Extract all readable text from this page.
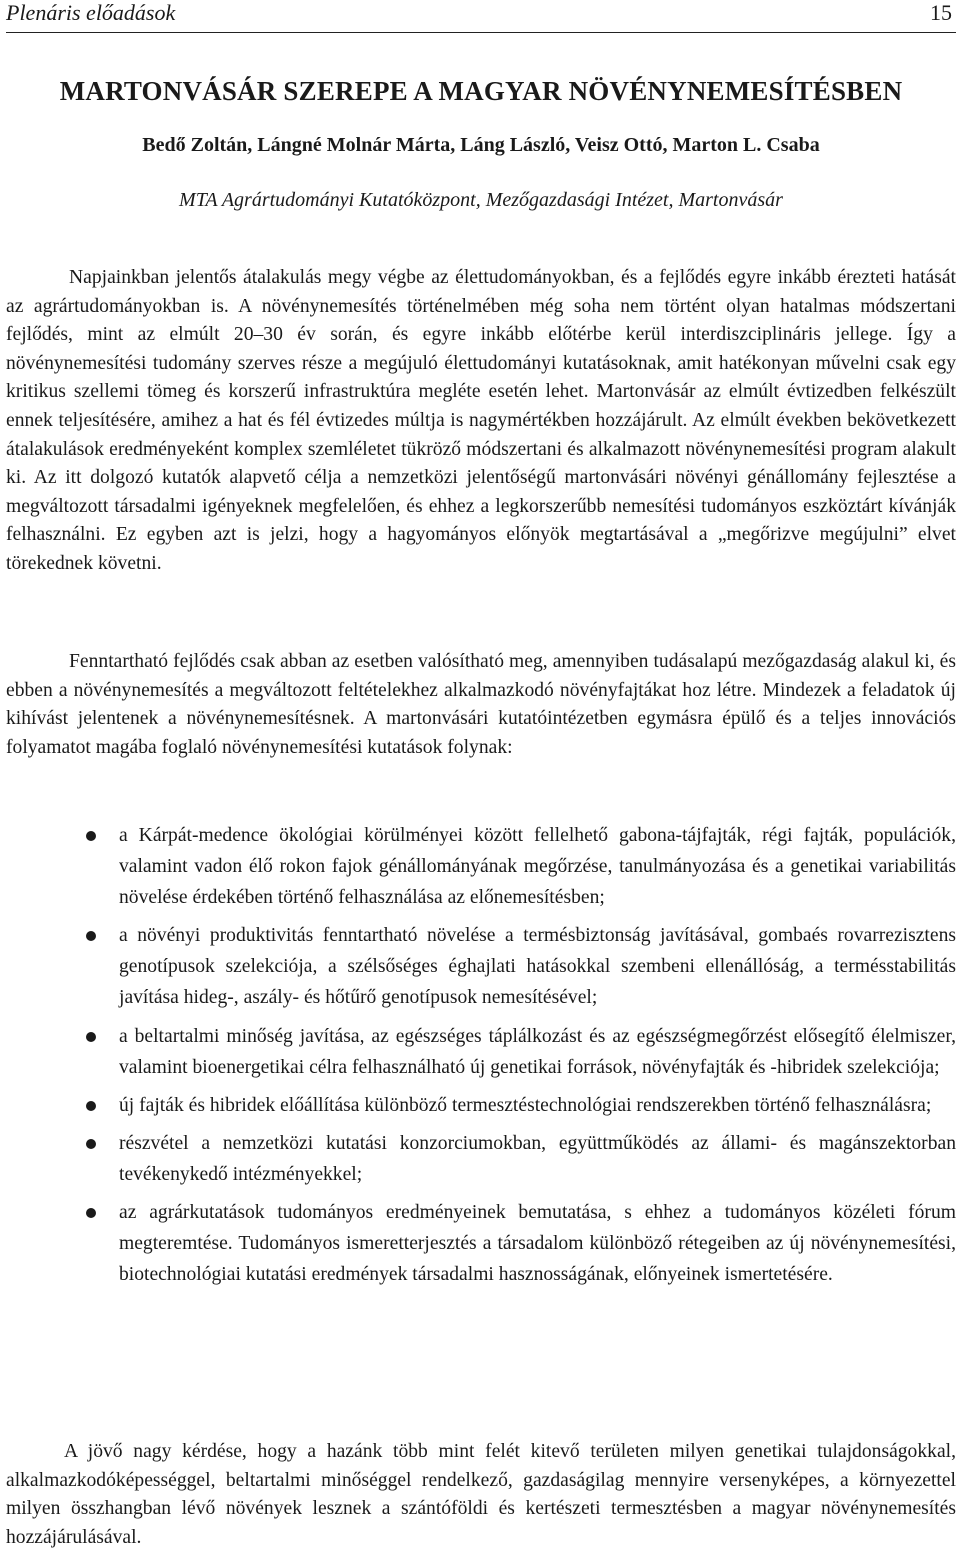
Plenáris előadások	15
MARTONVÁSÁR SZEREPE A MAGYAR NÖVÉNYNEMESÍTÉSBEN
Bedő Zoltán, Lángné Molnár Márta, Láng László, Veisz Ottó, Marton L. Csaba
MTA Agrártudományi Kutatóközpont, Mezőgazdasági Intézet, Martonvásár

Napjainkban jelentős átalakulás megy végbe az élettudományokban, és a fejlődés egyre inkább érezteti hatását az agrártudományokban is. A növénynemesítés történelmében még soha nem történt olyan hatalmas módszertani fejlődés, mint az elmúlt 20–30 év során, és egyre inkább előtérbe kerül interdiszciplináris jellege. Így a növénynemesítési tudomány szerves része a megújuló élettudományi kutatásoknak, amit hatékonyan művelni csak egy kritikus szellemi tömeg és korszerű infrastruktúra megléte esetén lehet. Martonvásár az elmúlt évtizedben felkészült ennek teljesítésére, amihez a hat és fél évtizedes múltja is nagymértékben hozzájárult. Az elmúlt években bekövetkezett átalakulások eredményeként komplex szemléletet tükröző módszertani és alkalmazott növénynemesítési program alakult ki. Az itt dolgozó kutatók alapvető célja a nemzetközi jelentőségű martonvásári növényi génállomány fejlesztése a megváltozott társadalmi igényeknek megfelelően, és ehhez a legkorszerűbb nemesítési tudományos eszköztárt kívánják felhasználni. Ez egyben azt is jelzi, hogy a hagyományos előnyök megtartásával a „megőrizve megújulni” elvet törekednek követni.

Fenntartható fejlődés csak abban az esetben valósítható meg, amennyiben tudásalapú mezőgazdaság alakul ki, és ebben a növénynemesítés a megváltozott feltételekhez alkalmazkodó növényfajtákat hoz létre. Mindezek a feladatok új kihívást jelentenek a növénynemesítésnek. A martonvásári kutatóintézetben egymásra épülő és a teljes innovációs folyamatot magába foglaló növénynemesítési kutatások folynak:

a Kárpát-medence ökológiai körülményei között fellelhető gabona-tájfajták, régi fajták, populációk, valamint vadon élő rokon fajok génállományának megőrzése, tanulmányozása és a genetikai variabilitás növelése érdekében történő felhasználása az előnemesítésben;
a növényi produktivitás fenntartható növelése a termésbiztonság javításával, gombaés rovarrezisztens genotípusok szelekciója, a szélsőséges éghajlati hatásokkal szembeni ellenállóság, a termésstabilitás javítása hideg-, aszály- és hőtűrő genotípusok nemesítésével;
a beltartalmi minőség javítása, az egészséges táplálkozást és az egészségmegőrzést elősegítő élelmiszer, valamint bioenergetikai célra felhasználható új genetikai források, növényfajták és -hibridek szelekciója;
új fajták és hibridek előállítása különböző termesztéstechnológiai rendszerekben történő felhasználásra;
részvétel a nemzetközi kutatási konzorciumokban, együttműködés az állami- és magánszektorban tevékenykedő intézményekkel;
az agrárkutatások tudományos eredményeinek bemutatása, s ehhez a tudományos közéleti fórum megteremtése. Tudományos ismeretterjesztés a társadalom különböző rétegeiben az új növénynemesítési, biotechnológiai kutatási eredmények társadalmi hasznosságának, előnyeinek ismertetésére.

A jövő nagy kérdése, hogy a hazánk több mint felét kitevő területen milyen genetikai tulajdonságokkal, alkalmazkodóképességgel, beltartalmi minőséggel rendelkező, gazdaságilag mennyire versenyképes, a környezettel milyen összhangban lévő növények lesznek a szántóföldi és kertészeti termesztésben a magyar növénynemesítés hozzájárulásával.
